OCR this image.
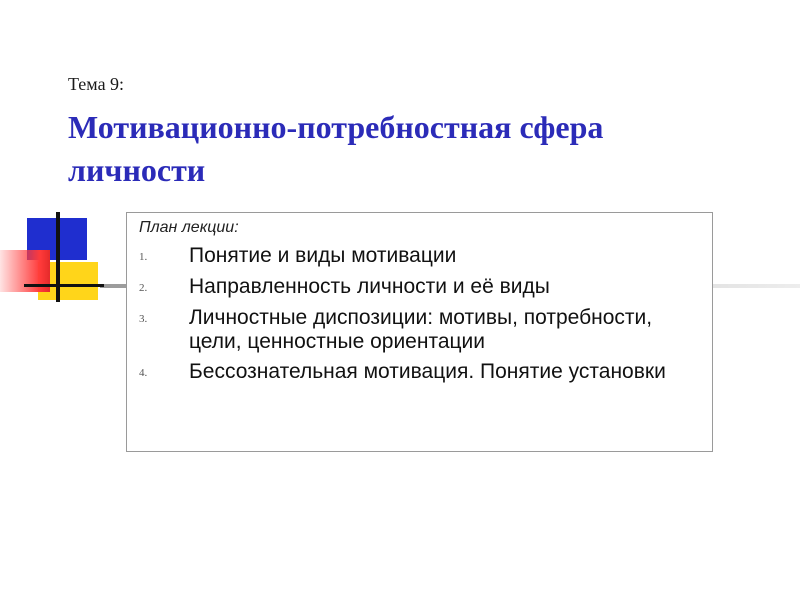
Тема 9:
Мотивационно-потребностная сфера личности
План лекции:
1.	Понятие и виды мотивации
2.	Направленность личности и её виды
3.	Личностные диспозиции: мотивы, потребности, цели, ценностные ориентации
4.	Бессознательная мотивация. Понятие установки
